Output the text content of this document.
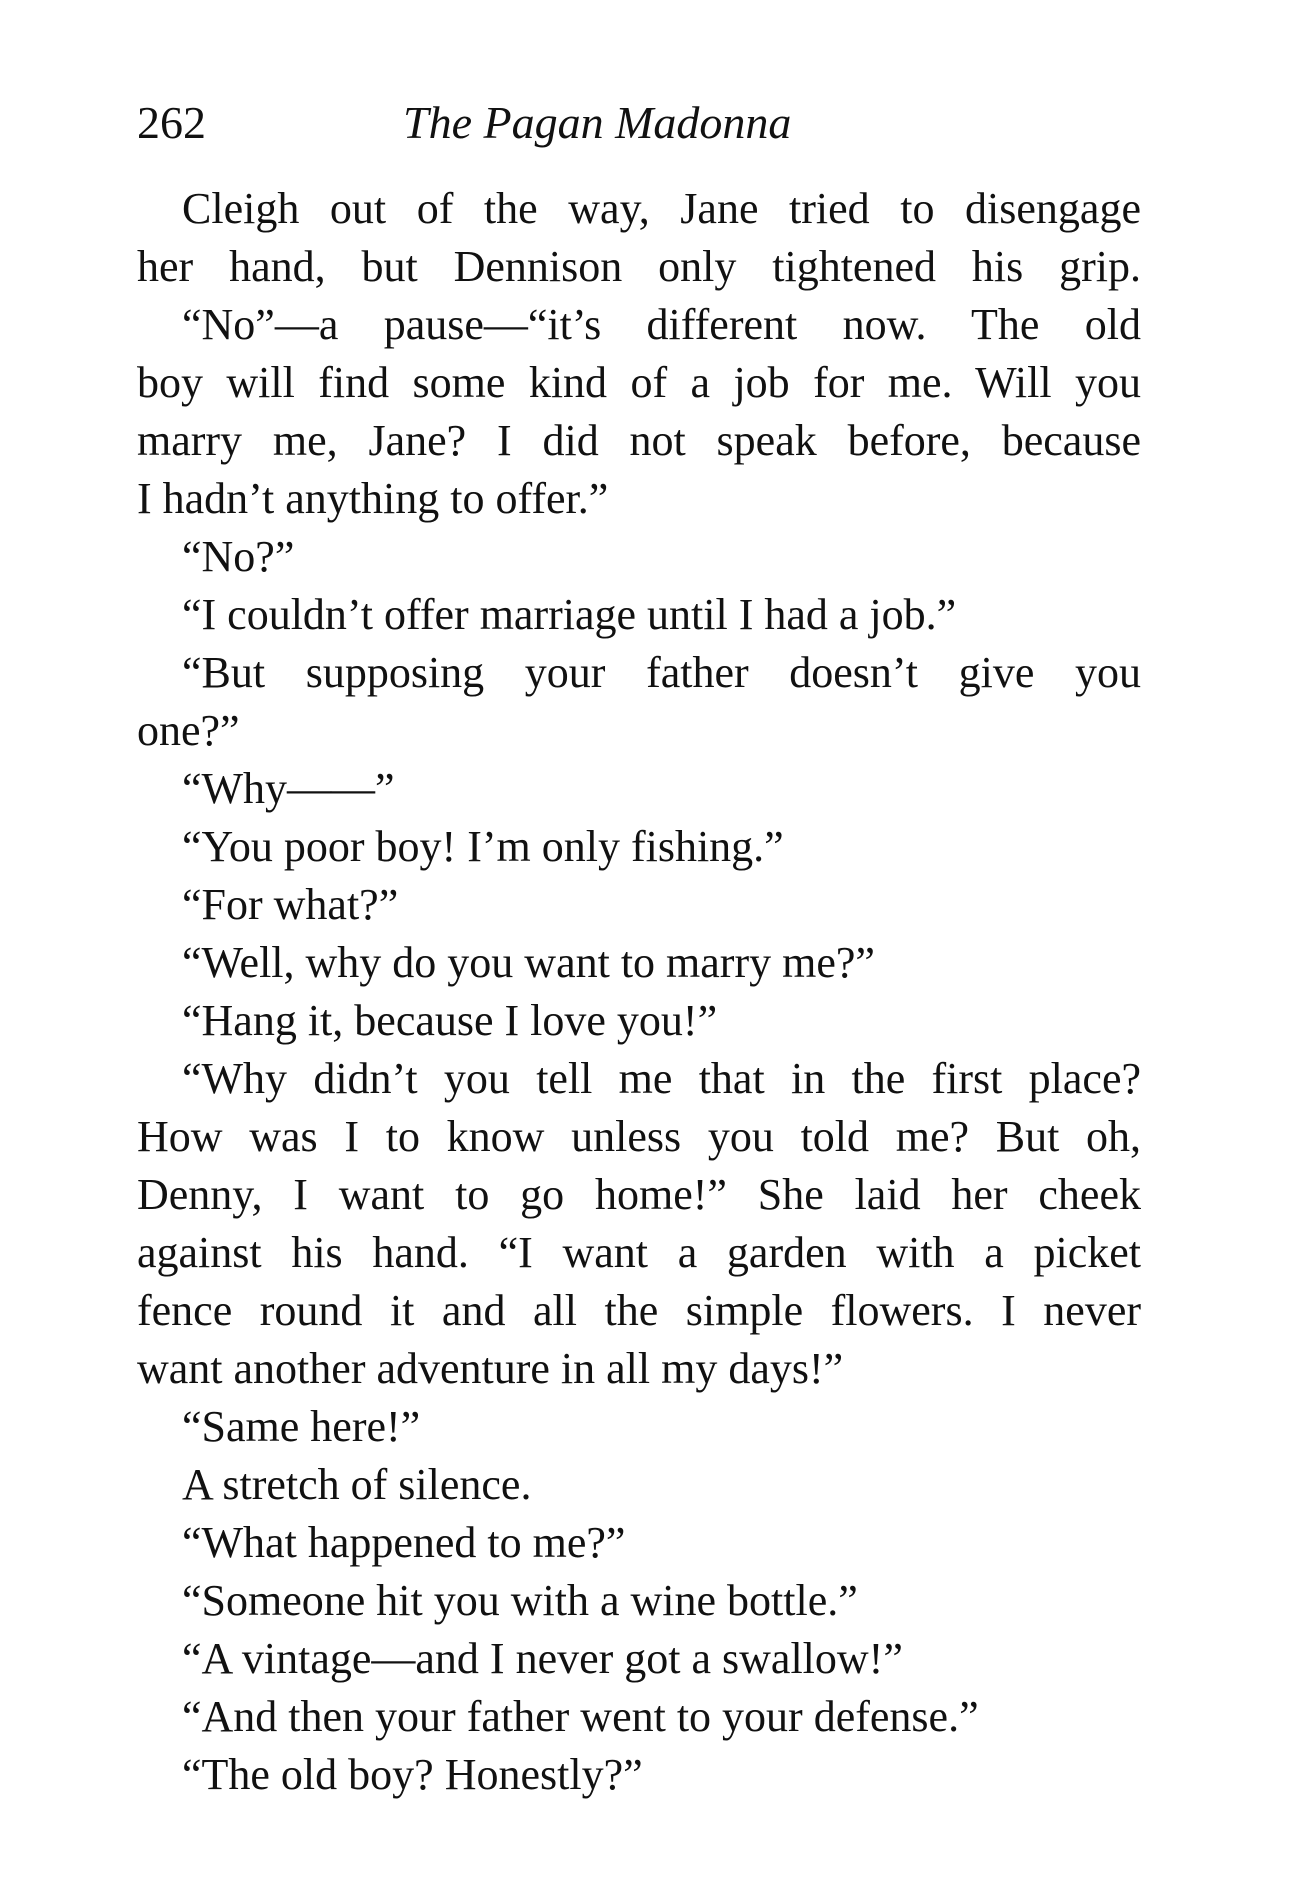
262	The Pagan Madonna
Cleigh out of the way, Jane tried to disengage
her hand, but Dennison only tightened his grip.
“No”—a pause—“it’s different now. The old
boy will find some kind of a job for me. Will you
marry me, Jane? I did not speak before, because
I hadn’t anything to offer.”
“No?”
“I couldn’t offer marriage until I had a job.”
“But supposing your father doesn’t give you
one?”
“Why——”
“You poor boy! I’m only fishing.”
“For what?”
“Well, why do you want to marry me?”
“Hang it, because I love you!”
“Why didn’t you tell me that in the first place?
How was I to know unless you told me? But oh,
Denny, I want to go home!” She laid her cheek
against his hand. “I want a garden with a picket
fence round it and all the simple flowers. I never
want another adventure in all my days!”
“Same here!”
A stretch of silence.
“What happened to me?”
“Someone hit you with a wine bottle.”
“A vintage—and I never got a swallow!”
“And then your father went to your defense.”
“The old boy? Honestly?”
